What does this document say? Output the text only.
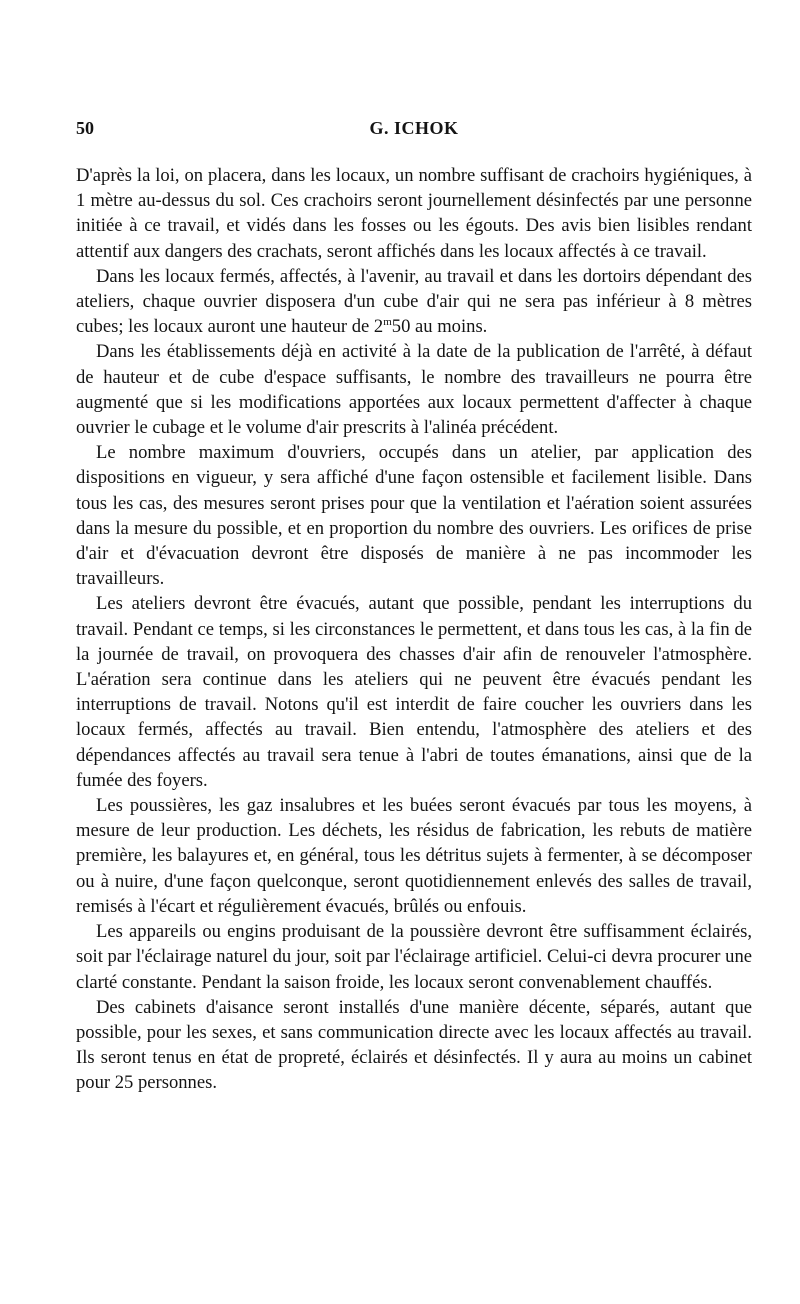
50	G. ICHOK

D'après la loi, on placera, dans les locaux, un nombre suffisant de crachoirs hygiéniques, à 1 mètre au-dessus du sol. Ces crachoirs seront journellement désinfectés par une personne initiée à ce travail, et vidés dans les fosses ou les égouts. Des avis bien lisibles rendant attentif aux dangers des crachats, seront affichés dans les locaux affectés à ce travail.

Dans les locaux fermés, affectés, à l'avenir, au travail et dans les dortoirs dépendant des ateliers, chaque ouvrier disposera d'un cube d'air qui ne sera pas inférieur à 8 mètres cubes; les locaux auront une hauteur de 2$^m$50 au moins.

Dans les établissements déjà en activité à la date de la publication de l'arrêté, à défaut de hauteur et de cube d'espace suffisants, le nombre des travailleurs ne pourra être augmenté que si les modifications apportées aux locaux permettent d'affecter à chaque ouvrier le cubage et le volume d'air prescrits à l'alinéa précédent.

Le nombre maximum d'ouvriers, occupés dans un atelier, par application des dispositions en vigueur, y sera affiché d'une façon ostensible et facilement lisible. Dans tous les cas, des mesures seront prises pour que la ventilation et l'aération soient assurées dans la mesure du possible, et en proportion du nombre des ouvriers. Les orifices de prise d'air et d'évacuation devront être disposés de manière à ne pas incommoder les travailleurs.

Les ateliers devront être évacués, autant que possible, pendant les interruptions du travail. Pendant ce temps, si les circonstances le permettent, et dans tous les cas, à la fin de la journée de travail, on provoquera des chasses d'air afin de renouveler l'atmosphère. L'aération sera continue dans les ateliers qui ne peuvent être évacués pendant les interruptions de travail. Notons qu'il est interdit de faire coucher les ouvriers dans les locaux fermés, affectés au travail. Bien entendu, l'atmosphère des ateliers et des dépendances affectés au travail sera tenue à l'abri de toutes émanations, ainsi que de la fumée des foyers.

Les poussières, les gaz insalubres et les buées seront évacués par tous les moyens, à mesure de leur production. Les déchets, les résidus de fabrication, les rebuts de matière première, les balayures et, en général, tous les détritus sujets à fermenter, à se décomposer ou à nuire, d'une façon quelconque, seront quotidiennement enlevés des salles de travail, remisés à l'écart et régulièrement évacués, brûlés ou enfouis.

Les appareils ou engins produisant de la poussière devront être suffisamment éclairés, soit par l'éclairage naturel du jour, soit par l'éclairage artificiel. Celui-ci devra procurer une clarté constante. Pendant la saison froide, les locaux seront convenablement chauffés.

Des cabinets d'aisance seront installés d'une manière décente, séparés, autant que possible, pour les sexes, et sans communication directe avec les locaux affectés au travail. Ils seront tenus en état de propreté, éclairés et désinfectés. Il y aura au moins un cabinet pour 25 personnes.
